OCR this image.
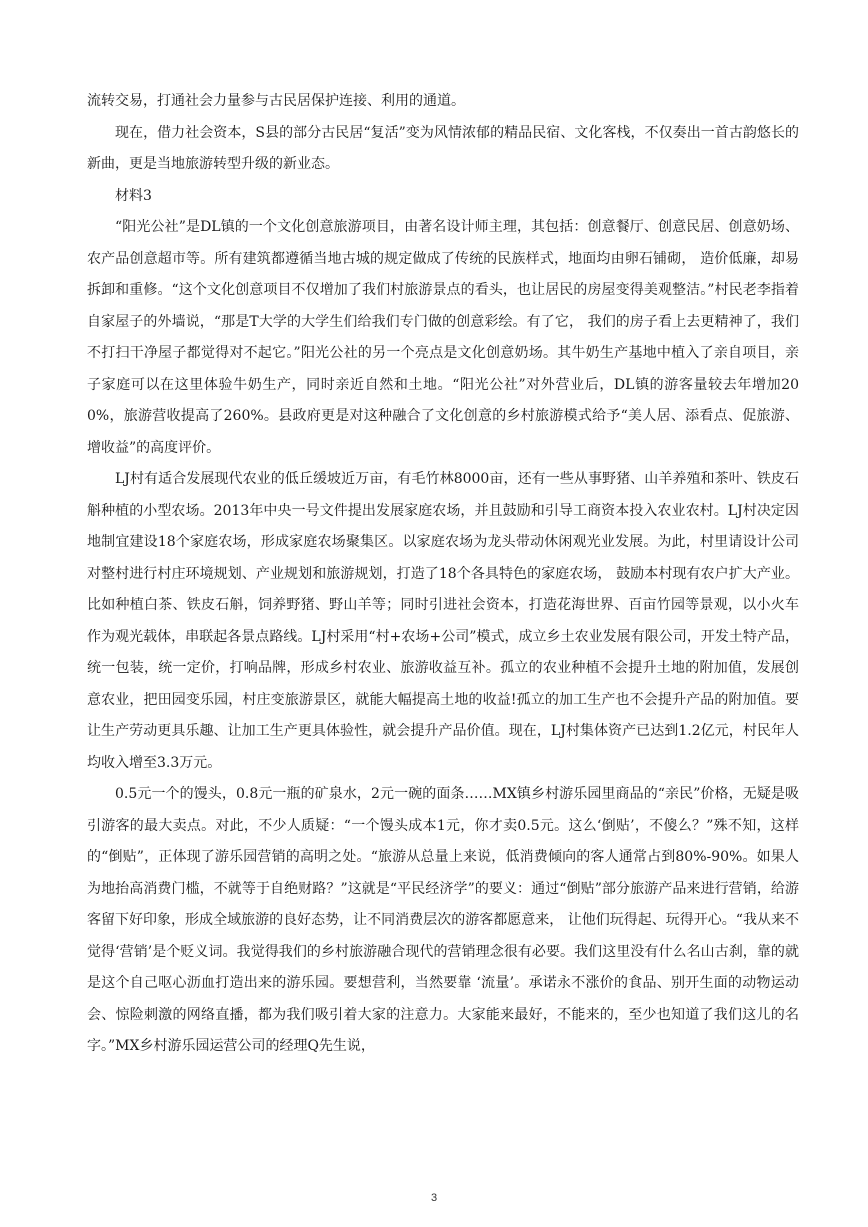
流转交易，打通社会力量参与古民居保护连接、利用的通道。

现在，借力社会资本，S县的部分古民居“复活”变为风情浓郁的精品民宿、文化客栈，不仅奏出一首古韵悠长的新曲，更是当地旅游转型升级的新业态。

材料3

“阳光公社”是DL镇的一个文化创意旅游项目，由著名设计师主理，其包括：创意餐厅、创意民居、创意奶场、农产品创意超市等。所有建筑都遵循当地古城的规定做成了传统的民族样式，地面均由卵石铺砌， 造价低廉，却易拆卸和重修。“这个文化创意项目不仅增加了我们村旅游景点的看头，也让居民的房屋变得美观整洁。”村民老李指着自家屋子的外墙说，“那是T大学的大学生们给我们专门做的创意彩绘。有了它， 我们的房子看上去更精神了，我们不打扫干净屋子都觉得对不起它。”阳光公社的另一个亮点是文化创意奶场。其牛奶生产基地中植入了亲自项目，亲子家庭可以在这里体验牛奶生产，同时亲近自然和土地。“阳光公社”对外营业后，DL镇的游客量较去年增加200%，旅游营收提高了260%。县政府更是对这种融合了文化创意的乡村旅游模式给予“美人居、添看点、促旅游、增收益”的高度评价。

LJ村有适合发展现代农业的低丘缓坡近万亩，有毛竹林8000亩，还有一些从事野猪、山羊养殖和茶叶、铁皮石斛种植的小型农场。2013年中央一号文件提出发展家庭农场，并且鼓励和引导工商资本投入农业农村。LJ村决定因地制宜建设18个家庭农场，形成家庭农场聚集区。以家庭农场为龙头带动休闲观光业发展。为此，村里请设计公司对整村进行村庄环境规划、产业规划和旅游规划，打造了18个各具特色的家庭农场， 鼓励本村现有农户扩大产业。比如种植白茶、铁皮石斛，饲养野猪、野山羊等；同时引进社会资本，打造花海世界、百亩竹园等景观，以小火车作为观光载体，串联起各景点路线。LJ村采用“村+农场+公司”模式，成立乡土农业发展有限公司，开发土特产品，统一包装，统一定价，打响品牌，形成乡村农业、旅游收益互补。孤立的农业种植不会提升土地的附加值，发展创意农业，把田园变乐园，村庄变旅游景区，就能大幅提高土地的收益!孤立的加工生产也不会提升产品的附加值。要让生产劳动更具乐趣、让加工生产更具体验性，就会提升产品价值。现在，LJ村集体资产已达到1.2亿元，村民年人均收入增至3.3万元。

0.5元一个的馒头，0.8元一瓶的矿泉水，2元一碗的面条……MX镇乡村游乐园里商品的“亲民”价格，无疑是吸引游客的最大卖点。对此，不少人质疑：“一个馒头成本1元，你才卖0.5元。这么‘倒贴’，不傻么？”殊不知，这样的“倒贴”，正体现了游乐园营销的高明之处。“旅游从总量上来说，低消费倾向的客人通常占到80%-90%。如果人为地抬高消费门槛，不就等于自绝财路？”这就是“平民经济学”的要义：通过“倒贴”部分旅游产品来进行营销，给游客留下好印象，形成全域旅游的良好态势，让不同消费层次的游客都愿意来， 让他们玩得起、玩得开心。“我从来不觉得‘营销’是个贬义词。我觉得我们的乡村旅游融合现代的营销理念很有必要。我们这里没有什么名山古刹，靠的就是这个自己呕心沥血打造出来的游乐园。要想营利，当然要靠 ‘流量’。承诺永不涨价的食品、别开生面的动物运动会、惊险刺激的网络直播，都为我们吸引着大家的注意力。大家能来最好，不能来的，至少也知道了我们这儿的名字。”MX乡村游乐园运营公司的经理Q先生说，

3
